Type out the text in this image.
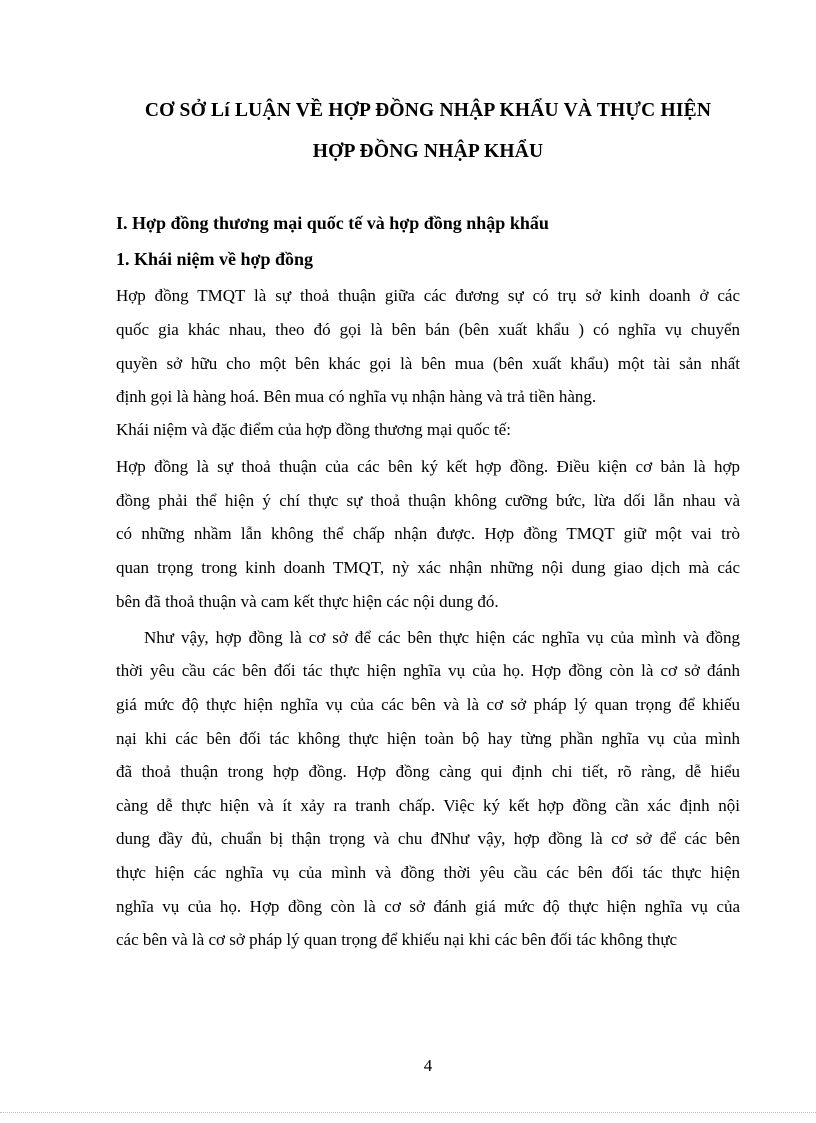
CƠ SỞ Lí LUẬN VỀ HỢP ĐỒNG NHẬP KHẨU VÀ THỰC HIỆN
HỢP ĐỒNG NHẬP KHẨU
I. Hợp đồng thương mại quốc tế và hợp đồng nhập khẩu
1. Khái niệm về hợp đồng
Hợp đồng TMQT là sự thoả thuận giữa các đương sự có trụ sở kinh doanh ở các
quốc gia khác nhau, theo đó gọi là bên bán (bên xuất khẩu ) có nghĩa vụ chuyển
quyền sở hữu cho một bên khác gọi là bên mua (bên xuất khẩu) một tài sản nhất
định gọi là hàng hoá. Bên mua có nghĩa vụ nhận hàng và trả tiền hàng.
Khái niệm và đặc điểm của hợp đồng thương mại quốc tế:
Hợp đồng là sự thoả thuận của các bên ký kết hợp đồng. Điều kiện cơ bản là hợp
đồng phải thể hiện ý chí thực sự thoả thuận không cưỡng bức, lừa dối lẫn nhau và
có những nhầm lẫn không thể chấp nhận được. Hợp đồng TMQT giữ một vai trò
quan trọng trong kinh doanh TMQT, nỳ xác nhận những nội dung giao dịch mà các
bên đã thoả thuận và cam kết thực hiện các nội dung đó.
Như vậy, hợp đồng là cơ sở để các bên thực hiện các nghĩa vụ của mình và đồng
thời yêu cầu các bên đối tác thực hiện nghĩa vụ của họ. Hợp đồng còn là cơ sở đánh
giá mức độ thực hiện nghĩa vụ của các bên và là cơ sở pháp lý quan trọng để khiếu
nại khi các bên đối tác không thực hiện toàn bộ hay từng phần nghĩa vụ của mình
đã thoả thuận trong hợp đồng. Hợp đồng càng qui định chi tiết, rõ ràng, dễ hiểu
càng dễ thực hiện và ít xảy ra tranh chấp. Việc ký kết hợp đồng cần xác định nội
dung đầy đủ, chuẩn bị thận trọng và chu đNhư vậy, hợp đồng là cơ sở để các bên
thực hiện các nghĩa vụ của mình và đồng thời yêu cầu các bên đối tác thực hiện
nghĩa vụ của họ. Hợp đồng còn là cơ sở đánh giá mức độ thực hiện nghĩa vụ của
các bên và là cơ sở pháp lý quan trọng để khiếu nại khi các bên đối tác không thực
4
